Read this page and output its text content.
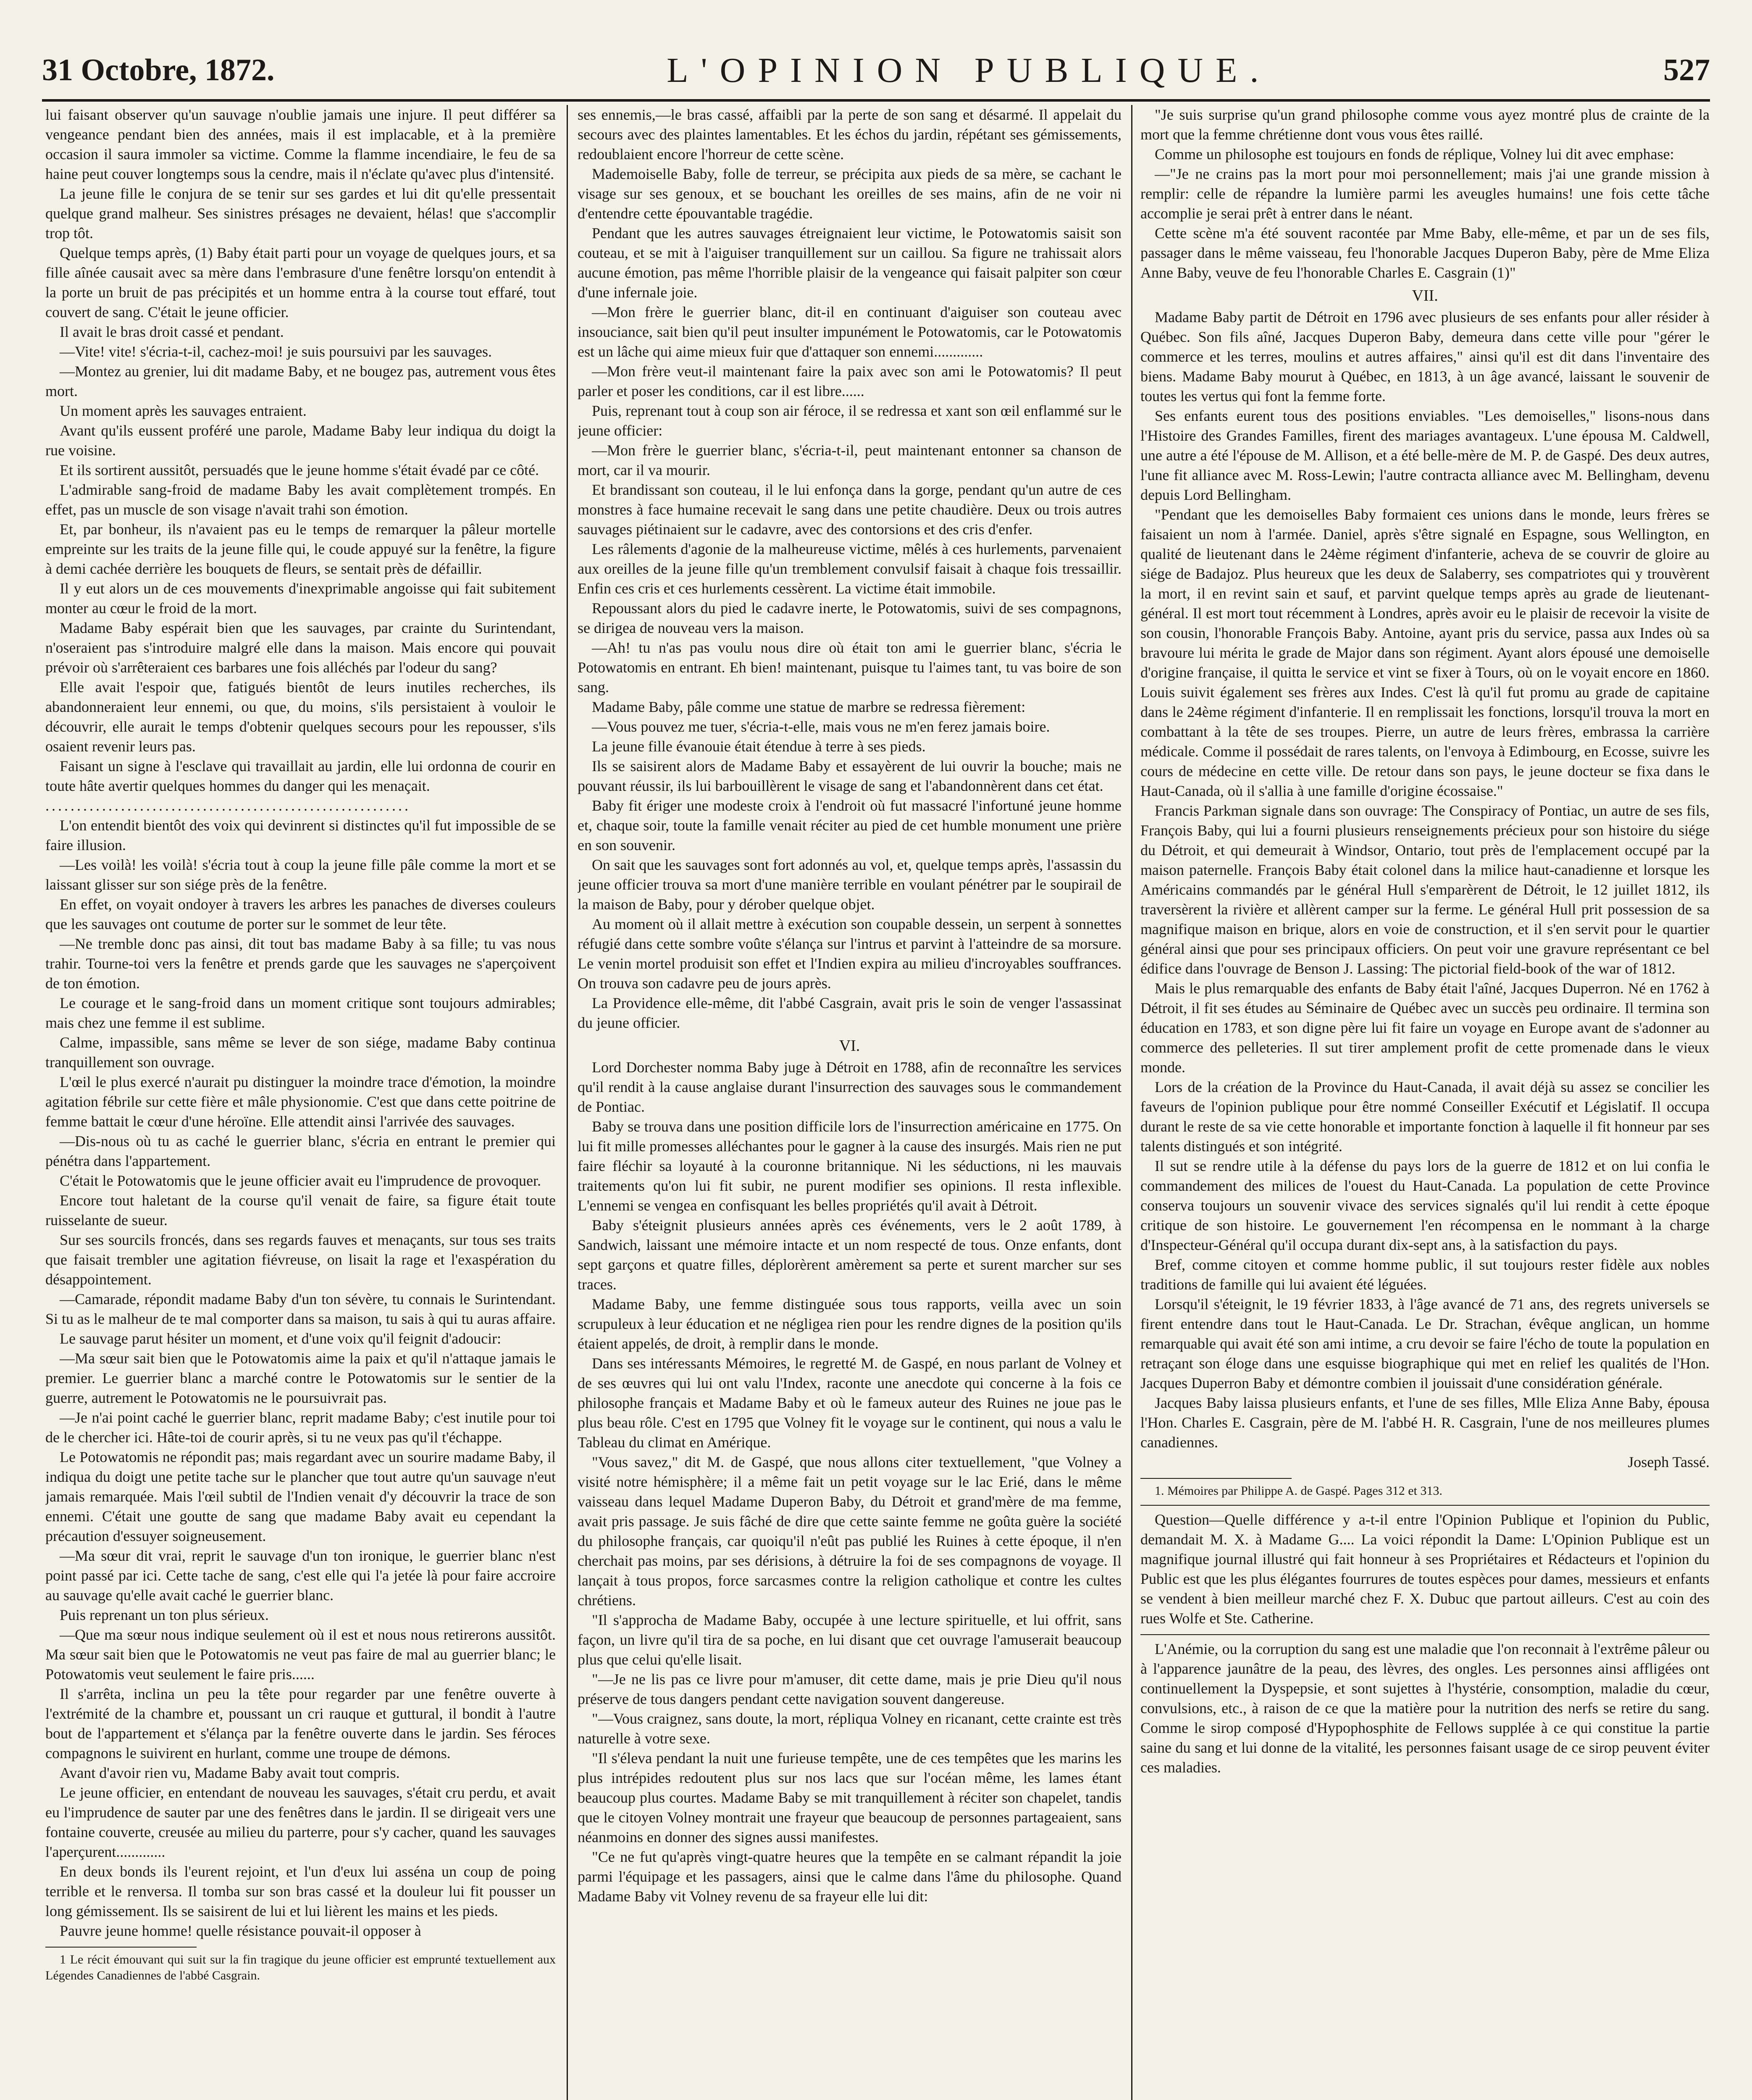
31 Octobre, 1872.	L'OPINION PUBLIQUE.	527

lui faisant observer qu'un sauvage n'oublie jamais une injure. Il peut différer sa vengeance pendant bien des années, mais il est implacable, et à la première occasion il saura immoler sa victime. Comme la flamme incendiaire, le feu de sa haine peut couver longtemps sous la cendre, mais il n'éclate qu'avec plus d'intensité.

La jeune fille le conjura de se tenir sur ses gardes et lui dit qu'elle pressentait quelque grand malheur. Ses sinistres présages ne devaient, hélas! que s'accomplir trop tôt.

Quelque temps après, (1) Baby était parti pour un voyage de quelques jours, et sa fille aînée causait avec sa mère dans l'embrasure d'une fenêtre lorsqu'on entendit à la porte un bruit de pas précipités et un homme entra à la course tout effaré, tout couvert de sang. C'était le jeune officier.

Il avait le bras droit cassé et pendant.

—Vite! vite! s'écria-t-il, cachez-moi! je suis poursuivi par les sauvages.

—Montez au grenier, lui dit madame Baby, et ne bougez pas, autrement vous êtes mort.

Un moment après les sauvages entraient.

Avant qu'ils eussent proféré une parole, Madame Baby leur indiqua du doigt la rue voisine.

Et ils sortirent aussitôt, persuadés que le jeune homme s'était évadé par ce côté.

L'admirable sang-froid de madame Baby les avait complètement trompés. En effet, pas un muscle de son visage n'avait trahi son émotion.

Et, par bonheur, ils n'avaient pas eu le temps de remarquer la pâleur mortelle empreinte sur les traits de la jeune fille qui, le coude appuyé sur la fenêtre, la figure à demi cachée derrière les bouquets de fleurs, se sentait près de défaillir.

Il y eut alors un de ces mouvements d'inexprimable angoisse qui fait subitement monter au cœur le froid de la mort.

Madame Baby espérait bien que les sauvages, par crainte du Surintendant, n'oseraient pas s'introduire malgré elle dans la maison. Mais encore qui pouvait prévoir où s'arrêteraient ces barbares une fois alléchés par l'odeur du sang?

Elle avait l'espoir que, fatigués bientôt de leurs inutiles recherches, ils abandonneraient leur ennemi, ou que, du moins, s'ils persistaient à vouloir le découvrir, elle aurait le temps d'obtenir quelques secours pour les repousser, s'ils osaient revenir leurs pas.

Faisant un signe à l'esclave qui travaillait au jardin, elle lui ordonna de courir en toute hâte avertir quelques hommes du danger qui les menaçait.

..........................................................

L'on entendit bientôt des voix qui devinrent si distinctes qu'il fut impossible de se faire illusion.

—Les voilà! les voilà! s'écria tout à coup la jeune fille pâle comme la mort et se laissant glisser sur son siége près de la fenêtre.

En effet, on voyait ondoyer à travers les arbres les panaches de diverses couleurs que les sauvages ont coutume de porter sur le sommet de leur tête.

—Ne tremble donc pas ainsi, dit tout bas madame Baby à sa fille; tu vas nous trahir. Tourne-toi vers la fenêtre et prends garde que les sauvages ne s'aperçoivent de ton émotion.

Le courage et le sang-froid dans un moment critique sont toujours admirables; mais chez une femme il est sublime.

Calme, impassible, sans même se lever de son siége, madame Baby continua tranquillement son ouvrage.

L'œil le plus exercé n'aurait pu distinguer la moindre trace d'émotion, la moindre agitation fébrile sur cette fière et mâle physionomie. C'est que dans cette poitrine de femme battait le cœur d'une héroïne. Elle attendit ainsi l'arrivée des sauvages.

—Dis-nous où tu as caché le guerrier blanc, s'écria en entrant le premier qui pénétra dans l'appartement.

C'était le Potowatomis que le jeune officier avait eu l'imprudence de provoquer.

Encore tout haletant de la course qu'il venait de faire, sa figure était toute ruisselante de sueur.

Sur ses sourcils froncés, dans ses regards fauves et menaçants, sur tous ses traits que faisait trembler une agitation fiévreuse, on lisait la rage et l'exaspération du désappointement.

—Camarade, répondit madame Baby d'un ton sévère, tu connais le Surintendant. Si tu as le malheur de te mal comporter dans sa maison, tu sais à qui tu auras affaire.

Le sauvage parut hésiter un moment, et d'une voix qu'il feignit d'adoucir:

—Ma sœur sait bien que le Potowatomis aime la paix et qu'il n'attaque jamais le premier. Le guerrier blanc a marché contre le Potowatomis sur le sentier de la guerre, autrement le Potowatomis ne le poursuivrait pas.

—Je n'ai point caché le guerrier blanc, reprit madame Baby; c'est inutile pour toi de le chercher ici. Hâte-toi de courir après, si tu ne veux pas qu'il t'échappe.

Le Potowatomis ne répondit pas; mais regardant avec un sourire madame Baby, il indiqua du doigt une petite tache sur le plancher que tout autre qu'un sauvage n'eut jamais remarquée. Mais l'œil subtil de l'Indien venait d'y découvrir la trace de son ennemi. C'était une goutte de sang que madame Baby avait eu cependant la précaution d'essuyer soigneusement.

—Ma sœur dit vrai, reprit le sauvage d'un ton ironique, le guerrier blanc n'est point passé par ici. Cette tache de sang, c'est elle qui l'a jetée là pour faire accroire au sauvage qu'elle avait caché le guerrier blanc.

Puis reprenant un ton plus sérieux.

—Que ma sœur nous indique seulement où il est et nous nous retirerons aussitôt. Ma sœur sait bien que le Potowatomis ne veut pas faire de mal au guerrier blanc; le Potowatomis veut seulement le faire pris......

Il s'arrêta, inclina un peu la tête pour regarder par une fenêtre ouverte à l'extrémité de la chambre et, poussant un cri rauque et guttural, il bondit à l'autre bout de l'appartement et s'élança par la fenêtre ouverte dans le jardin. Ses féroces compagnons le suivirent en hurlant, comme une troupe de démons.

Avant d'avoir rien vu, Madame Baby avait tout compris.

Le jeune officier, en entendant de nouveau les sauvages, s'était cru perdu, et avait eu l'imprudence de sauter par une des fenêtres dans le jardin. Il se dirigeait vers une fontaine couverte, creusée au milieu du parterre, pour s'y cacher, quand les sauvages l'aperçurent.............

En deux bonds ils l'eurent rejoint, et l'un d'eux lui asséna un coup de poing terrible et le renversa. Il tomba sur son bras cassé et la douleur lui fit pousser un long gémissement. Ils se saisirent de lui et lui lièrent les mains et les pieds.

Pauvre jeune homme! quelle résistance pouvait-il opposer à

1 Le récit émouvant qui suit sur la fin tragique du jeune officier est emprunté textuellement aux Légendes Canadiennes de l'abbé Casgrain.

ses ennemis,—le bras cassé, affaibli par la perte de son sang et désarmé. Il appelait du secours avec des plaintes lamentables. Et les échos du jardin, répétant ses gémissements, redoublaient encore l'horreur de cette scène.

Mademoiselle Baby, folle de terreur, se précipita aux pieds de sa mère, se cachant le visage sur ses genoux, et se bouchant les oreilles de ses mains, afin de ne voir ni d'entendre cette épouvantable tragédie.

Pendant que les autres sauvages étreignaient leur victime, le Potowatomis saisit son couteau, et se mit à l'aiguiser tranquillement sur un caillou. Sa figure ne trahissait alors aucune émotion, pas même l'horrible plaisir de la vengeance qui faisait palpiter son cœur d'une infernale joie.

—Mon frère le guerrier blanc, dit-il en continuant d'aiguiser son couteau avec insouciance, sait bien qu'il peut insulter impunément le Potowatomis, car le Potowatomis est un lâche qui aime mieux fuir que d'attaquer son ennemi.............

—Mon frère veut-il maintenant faire la paix avec son ami le Potowatomis? Il peut parler et poser les conditions, car il est libre......

Puis, reprenant tout à coup son air féroce, il se redressa et xant son œil enflammé sur le jeune officier:

—Mon frère le guerrier blanc, s'écria-t-il, peut maintenant entonner sa chanson de mort, car il va mourir.

Et brandissant son couteau, il le lui enfonça dans la gorge, pendant qu'un autre de ces monstres à face humaine recevait le sang dans une petite chaudière. Deux ou trois autres sauvages piétinaient sur le cadavre, avec des contorsions et des cris d'enfer.

Les râlements d'agonie de la malheureuse victime, mêlés à ces hurlements, parvenaient aux oreilles de la jeune fille qu'un tremblement convulsif faisait à chaque fois tressaillir. Enfin ces cris et ces hurlements cessèrent. La victime était immobile.

Repoussant alors du pied le cadavre inerte, le Potowatomis, suivi de ses compagnons, se dirigea de nouveau vers la maison.

—Ah! tu n'as pas voulu nous dire où était ton ami le guerrier blanc, s'écria le Potowatomis en entrant. Eh bien! maintenant, puisque tu l'aimes tant, tu vas boire de son sang.

Madame Baby, pâle comme une statue de marbre se redressa fièrement:

—Vous pouvez me tuer, s'écria-t-elle, mais vous ne m'en ferez jamais boire.

La jeune fille évanouie était étendue à terre à ses pieds.

Ils se saisirent alors de Madame Baby et essayèrent de lui ouvrir la bouche; mais ne pouvant réussir, ils lui barbouillèrent le visage de sang et l'abandonnèrent dans cet état.

Baby fit ériger une modeste croix à l'endroit où fut massacré l'infortuné jeune homme et, chaque soir, toute la famille venait réciter au pied de cet humble monument une prière en son souvenir.

On sait que les sauvages sont fort adonnés au vol, et, quelque temps après, l'assassin du jeune officier trouva sa mort d'une manière terrible en voulant pénétrer par le soupirail de la maison de Baby, pour y dérober quelque objet.

Au moment où il allait mettre à exécution son coupable dessein, un serpent à sonnettes réfugié dans cette sombre voûte s'élança sur l'intrus et parvint à l'atteindre de sa morsure. Le venin mortel produisit son effet et l'Indien expira au milieu d'incroyables souffrances. On trouva son cadavre peu de jours après.

La Providence elle-même, dit l'abbé Casgrain, avait pris le soin de venger l'assassinat du jeune officier.

VI.

Lord Dorchester nomma Baby juge à Détroit en 1788, afin de reconnaître les services qu'il rendit à la cause anglaise durant l'insurrection des sauvages sous le commandement de Pontiac.

Baby se trouva dans une position difficile lors de l'insurrection américaine en 1775. On lui fit mille promesses alléchantes pour le gagner à la cause des insurgés. Mais rien ne put faire fléchir sa loyauté à la couronne britannique. Ni les séductions, ni les mauvais traitements qu'on lui fit subir, ne purent modifier ses opinions. Il resta inflexible. L'ennemi se vengea en confisquant les belles propriétés qu'il avait à Détroit.

Baby s'éteignit plusieurs années après ces événements, vers le 2 août 1789, à Sandwich, laissant une mémoire intacte et un nom respecté de tous. Onze enfants, dont sept garçons et quatre filles, déplorèrent amèrement sa perte et surent marcher sur ses traces.

Madame Baby, une femme distinguée sous tous rapports, veilla avec un soin scrupuleux à leur éducation et ne négligea rien pour les rendre dignes de la position qu'ils étaient appelés, de droit, à remplir dans le monde.

Dans ses intéressants Mémoires, le regretté M. de Gaspé, en nous parlant de Volney et de ses œuvres qui lui ont valu l'Index, raconte une anecdote qui concerne à la fois ce philosophe français et Madame Baby et où le fameux auteur des Ruines ne joue pas le plus beau rôle. C'est en 1795 que Volney fit le voyage sur le continent, qui nous a valu le Tableau du climat en Amérique.

"Vous savez," dit M. de Gaspé, que nous allons citer textuellement, "que Volney a visité notre hémisphère; il a même fait un petit voyage sur le lac Erié, dans le même vaisseau dans lequel Madame Duperon Baby, du Détroit et grand'mère de ma femme, avait pris passage. Je suis fâché de dire que cette sainte femme ne goûta guère la société du philosophe français, car quoiqu'il n'eût pas publié les Ruines à cette époque, il n'en cherchait pas moins, par ses dérisions, à détruire la foi de ses compagnons de voyage. Il lançait à tous propos, force sarcasmes contre la religion catholique et contre les cultes chrétiens.

"Il s'approcha de Madame Baby, occupée à une lecture spirituelle, et lui offrit, sans façon, un livre qu'il tira de sa poche, en lui disant que cet ouvrage l'amuserait beaucoup plus que celui qu'elle lisait.

"—Je ne lis pas ce livre pour m'amuser, dit cette dame, mais je prie Dieu qu'il nous préserve de tous dangers pendant cette navigation souvent dangereuse.

"—Vous craignez, sans doute, la mort, répliqua Volney en ricanant, cette crainte est très naturelle à votre sexe.

"Il s'éleva pendant la nuit une furieuse tempête, une de ces tempêtes que les marins les plus intrépides redoutent plus sur nos lacs que sur l'océan même, les lames étant beaucoup plus courtes. Madame Baby se mit tranquillement à réciter son chapelet, tandis que le citoyen Volney montrait une frayeur que beaucoup de personnes partageaient, sans néanmoins en donner des signes aussi manifestes.

"Ce ne fut qu'après vingt-quatre heures que la tempête en se calmant répandit la joie parmi l'équipage et les passagers, ainsi que le calme dans l'âme du philosophe. Quand Madame Baby vit Volney revenu de sa frayeur elle lui dit:

"Je suis surprise qu'un grand philosophe comme vous ayez montré plus de crainte de la mort que la femme chrétienne dont vous vous êtes raillé.

Comme un philosophe est toujours en fonds de réplique, Volney lui dit avec emphase:

—"Je ne crains pas la mort pour moi personnellement; mais j'ai une grande mission à remplir: celle de répandre la lumière parmi les aveugles humains! une fois cette tâche accomplie je serai prêt à entrer dans le néant.

Cette scène m'a été souvent racontée par Mme Baby, elle-même, et par un de ses fils, passager dans le même vaisseau, feu l'honorable Jacques Duperon Baby, père de Mme Eliza Anne Baby, veuve de feu l'honorable Charles E. Casgrain (1)"

VII.

Madame Baby partit de Détroit en 1796 avec plusieurs de ses enfants pour aller résider à Québec. Son fils aîné, Jacques Duperon Baby, demeura dans cette ville pour "gérer le commerce et les terres, moulins et autres affaires," ainsi qu'il est dit dans l'inventaire des biens. Madame Baby mourut à Québec, en 1813, à un âge avancé, laissant le souvenir de toutes les vertus qui font la femme forte.

Ses enfants eurent tous des positions enviables. "Les demoiselles," lisons-nous dans l'Histoire des Grandes Familles, firent des mariages avantageux. L'une épousa M. Caldwell, une autre a été l'épouse de M. Allison, et a été belle-mère de M. P. de Gaspé. Des deux autres, l'une fit alliance avec M. Ross-Lewin; l'autre contracta alliance avec M. Bellingham, devenu depuis Lord Bellingham.

"Pendant que les demoiselles Baby formaient ces unions dans le monde, leurs frères se faisaient un nom à l'armée. Daniel, après s'être signalé en Espagne, sous Wellington, en qualité de lieutenant dans le 24ème régiment d'infanterie, acheva de se couvrir de gloire au siége de Badajoz. Plus heureux que les deux de Salaberry, ses compatriotes qui y trouvèrent la mort, il en revint sain et sauf, et parvint quelque temps après au grade de lieutenant-général. Il est mort tout récemment à Londres, après avoir eu le plaisir de recevoir la visite de son cousin, l'honorable François Baby. Antoine, ayant pris du service, passa aux Indes où sa bravoure lui mérita le grade de Major dans son régiment. Ayant alors épousé une demoiselle d'origine française, il quitta le service et vint se fixer à Tours, où on le voyait encore en 1860. Louis suivit également ses frères aux Indes. C'est là qu'il fut promu au grade de capitaine dans le 24ème régiment d'infanterie. Il en remplissait les fonctions, lorsqu'il trouva la mort en combattant à la tête de ses troupes. Pierre, un autre de leurs frères, embrassa la carrière médicale. Comme il possédait de rares talents, on l'envoya à Edimbourg, en Ecosse, suivre les cours de médecine en cette ville. De retour dans son pays, le jeune docteur se fixa dans le Haut-Canada, où il s'allia à une famille d'origine écossaise."

Francis Parkman signale dans son ouvrage: The Conspiracy of Pontiac, un autre de ses fils, François Baby, qui lui a fourni plusieurs renseignements précieux pour son histoire du siége du Détroit, et qui demeurait à Windsor, Ontario, tout près de l'emplacement occupé par la maison paternelle. François Baby était colonel dans la milice haut-canadienne et lorsque les Américains commandés par le général Hull s'emparèrent de Détroit, le 12 juillet 1812, ils traversèrent la rivière et allèrent camper sur la ferme. Le général Hull prit possession de sa magnifique maison en brique, alors en voie de construction, et il s'en servit pour le quartier général ainsi que pour ses principaux officiers. On peut voir une gravure représentant ce bel édifice dans l'ouvrage de Benson J. Lassing: The pictorial field-book of the war of 1812.

Mais le plus remarquable des enfants de Baby était l'aîné, Jacques Duperron. Né en 1762 à Détroit, il fit ses études au Séminaire de Québec avec un succès peu ordinaire. Il termina son éducation en 1783, et son digne père lui fit faire un voyage en Europe avant de s'adonner au commerce des pelleteries. Il sut tirer amplement profit de cette promenade dans le vieux monde.

Lors de la création de la Province du Haut-Canada, il avait déjà su assez se concilier les faveurs de l'opinion publique pour être nommé Conseiller Exécutif et Législatif. Il occupa durant le reste de sa vie cette honorable et importante fonction à laquelle il fit honneur par ses talents distingués et son intégrité.

Il sut se rendre utile à la défense du pays lors de la guerre de 1812 et on lui confia le commandement des milices de l'ouest du Haut-Canada. La population de cette Province conserva toujours un souvenir vivace des services signalés qu'il lui rendit à cette époque critique de son histoire. Le gouvernement l'en récompensa en le nommant à la charge d'Inspecteur-Général qu'il occupa durant dix-sept ans, à la satisfaction du pays.

Bref, comme citoyen et comme homme public, il sut toujours rester fidèle aux nobles traditions de famille qui lui avaient été léguées.

Lorsqu'il s'éteignit, le 19 février 1833, à l'âge avancé de 71 ans, des regrets universels se firent entendre dans tout le Haut-Canada. Le Dr. Strachan, évêque anglican, un homme remarquable qui avait été son ami intime, a cru devoir se faire l'écho de toute la population en retraçant son éloge dans une esquisse biographique qui met en relief les qualités de l'Hon. Jacques Duperron Baby et démontre combien il jouissait d'une considération générale.

Jacques Baby laissa plusieurs enfants, et l'une de ses filles, Mlle Eliza Anne Baby, épousa l'Hon. Charles E. Casgrain, père de M. l'abbé H. R. Casgrain, l'une de nos meilleures plumes canadiennes.

Joseph Tassé.

1. Mémoires par Philippe A. de Gaspé. Pages 312 et 313.

Question—Quelle différence y a-t-il entre l'Opinion Publique et l'opinion du Public, demandait M. X. à Madame G.... La voici répondit la Dame: L'Opinion Publique est un magnifique journal illustré qui fait honneur à ses Propriétaires et Rédacteurs et l'opinion du Public est que les plus élégantes fourrures de toutes espèces pour dames, messieurs et enfants se vendent à bien meilleur marché chez F. X. Dubuc que partout ailleurs. C'est au coin des rues Wolfe et Ste. Catherine.

L'Anémie, ou la corruption du sang est une maladie que l'on reconnait à l'extrême pâleur ou à l'apparence jaunâtre de la peau, des lèvres, des ongles. Les personnes ainsi affligées ont continuellement la Dyspepsie, et sont sujettes à l'hystérie, consomption, maladie du cœur, convulsions, etc., à raison de ce que la matière pour la nutrition des nerfs se retire du sang. Comme le sirop composé d'Hypophosphite de Fellows supplée à ce qui constitue la partie saine du sang et lui donne de la vitalité, les personnes faisant usage de ce sirop peuvent éviter ces maladies.
